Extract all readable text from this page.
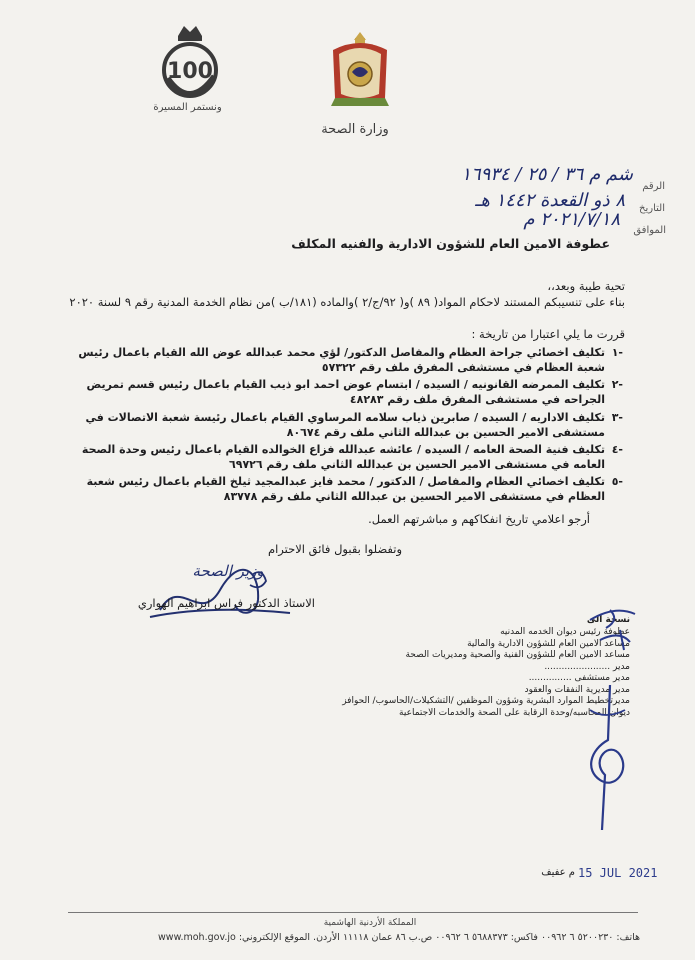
وزارة الصحة
100
ونستمر المسيرة
الرقم
شم م ٣٦ / ٢٥ / ١٦٩٣٤
التاريخ
٨ ذو القعدة ١٤٤٢ هـ
الموافق
٢٠٢١/٧/١٨ م
عطوفة الامين العام للشؤون الادارية والفنيه المكلف
تحية طيبة وبعد،،
بناء على تنسيبكم المستند لاحكام المواد( ٨٩ )و( ٩٢/ج/٢ )والماده (١٨١/ب )من نظام الخدمة المدنية رقم ٩ لسنة ٢٠٢٠
قررت ما يلي اعتبارا من تاريخة :
-١
تكليف اخصائي جراحة العظام والمفاصل الدكتور/ لؤي محمد عبدالله عوض الله القيام باعمال رئيس شعبة العظام في مستشفى المفرق ملف رقم ٥٧٣٢٢
-٢
تكليف الممرضه القانونيه / السيده / ابتسام عوض احمد ابو ذيب القيام باعمال رئيس قسم تمريض الجراحه في مستشفى المفرق ملف رقم ٤٨٢٨٣
-٣
تكليف الاداريه / السيده / صابرين ذياب سلامه المرساوي القيام باعمال رئيسة شعبة الاتصالات في مستشفى الامير الحسين بن عبدالله الثاني ملف رقم ٨٠٦٧٤
-٤
تكليف فنية الصحة العامه / السيده / عائشه عبدالله فزاع الخوالده القيام باعمال رئيس وحدة الصحة العامه في مستشفى الامير الحسين بن عبدالله الثاني ملف رقم ٦٩٧٢٦
-٥
تكليف اخصائي العظام والمفاصل / الدكتور / محمد فايز عبدالمجيد ثيلخ القيام باعمال رئيس شعبة العظام في مستشفى الامير الحسين بن عبدالله الثاني ملف رقم ٨٣٧٧٨
أرجو اعلامي تاريخ انفكاكهم و مباشرتهم العمل.
وتفضلوا بقبول فائق الاحترام
وزير الصحة
الاستاذ الدكتور فراس ابراهيم الهواري
نسخة الى
عطوفة رئيس ديوان الخدمه المدنيه
مساعد الامين العام للشؤون الادارية والمالية
مساعد الامين العام للشؤون الفنية والصحية ومديريات الصحة
مدير .......................
مدير مستشفى ...............
مدير مديرية النفقات والعقود
مديرتخطيط الموارد البشرية وشؤون الموظفين /التشكيلات/الحاسوب/ الحوافز
ديوان المحاسبه/وحدة الرقابة على الصحة والخدمات الاجتماعية
15 JUL 2021
م عفيف
المملكة الأردنية الهاشمية
هاتف: ٥٢٠٠٢٣٠ ٦ ٠٠٩٦٢ فاكس: ٥٦٨٨٣٧٣ ٦ ٠٠٩٦٢ ص.ب ٨٦ عمان ١١١١٨ الأردن. الموقع الإلكتروني: www.moh.gov.jo
